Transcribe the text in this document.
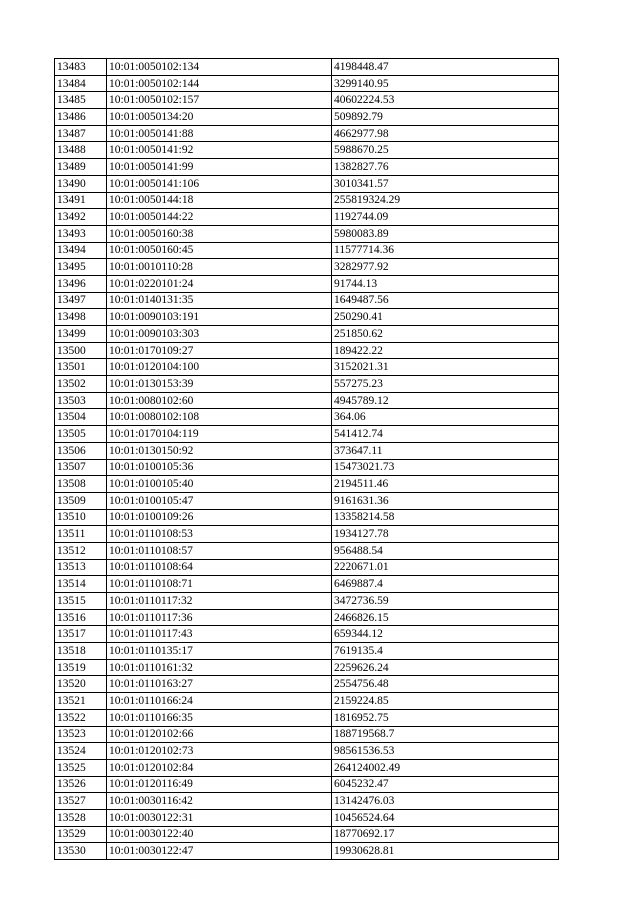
13483	10:01:0050102:134	4198448.47
13484	10:01:0050102:144	3299140.95
13485	10:01:0050102:157	40602224.53
13486	10:01:0050134:20	509892.79
13487	10:01:0050141:88	4662977.98
13488	10:01:0050141:92	5988670.25
13489	10:01:0050141:99	1382827.76
13490	10:01:0050141:106	3010341.57
13491	10:01:0050144:18	255819324.29
13492	10:01:0050144:22	1192744.09
13493	10:01:0050160:38	5980083.89
13494	10:01:0050160:45	11577714.36
13495	10:01:0010110:28	3282977.92
13496	10:01:0220101:24	91744.13
13497	10:01:0140131:35	1649487.56
13498	10:01:0090103:191	250290.41
13499	10:01:0090103:303	251850.62
13500	10:01:0170109:27	189422.22
13501	10:01:0120104:100	3152021.31
13502	10:01:0130153:39	557275.23
13503	10:01:0080102:60	4945789.12
13504	10:01:0080102:108	364.06
13505	10:01:0170104:119	541412.74
13506	10:01:0130150:92	373647.11
13507	10:01:0100105:36	15473021.73
13508	10:01:0100105:40	2194511.46
13509	10:01:0100105:47	9161631.36
13510	10:01:0100109:26	13358214.58
13511	10:01:0110108:53	1934127.78
13512	10:01:0110108:57	956488.54
13513	10:01:0110108:64	2220671.01
13514	10:01:0110108:71	6469887.4
13515	10:01:0110117:32	3472736.59
13516	10:01:0110117:36	2466826.15
13517	10:01:0110117:43	659344.12
13518	10:01:0110135:17	7619135.4
13519	10:01:0110161:32	2259626.24
13520	10:01:0110163:27	2554756.48
13521	10:01:0110166:24	2159224.85
13522	10:01:0110166:35	1816952.75
13523	10:01:0120102:66	188719568.7
13524	10:01:0120102:73	98561536.53
13525	10:01:0120102:84	264124002.49
13526	10:01:0120116:49	6045232.47
13527	10:01:0030116:42	13142476.03
13528	10:01:0030122:31	10456524.64
13529	10:01:0030122:40	18770692.17
13530	10:01:0030122:47	19930628.81
